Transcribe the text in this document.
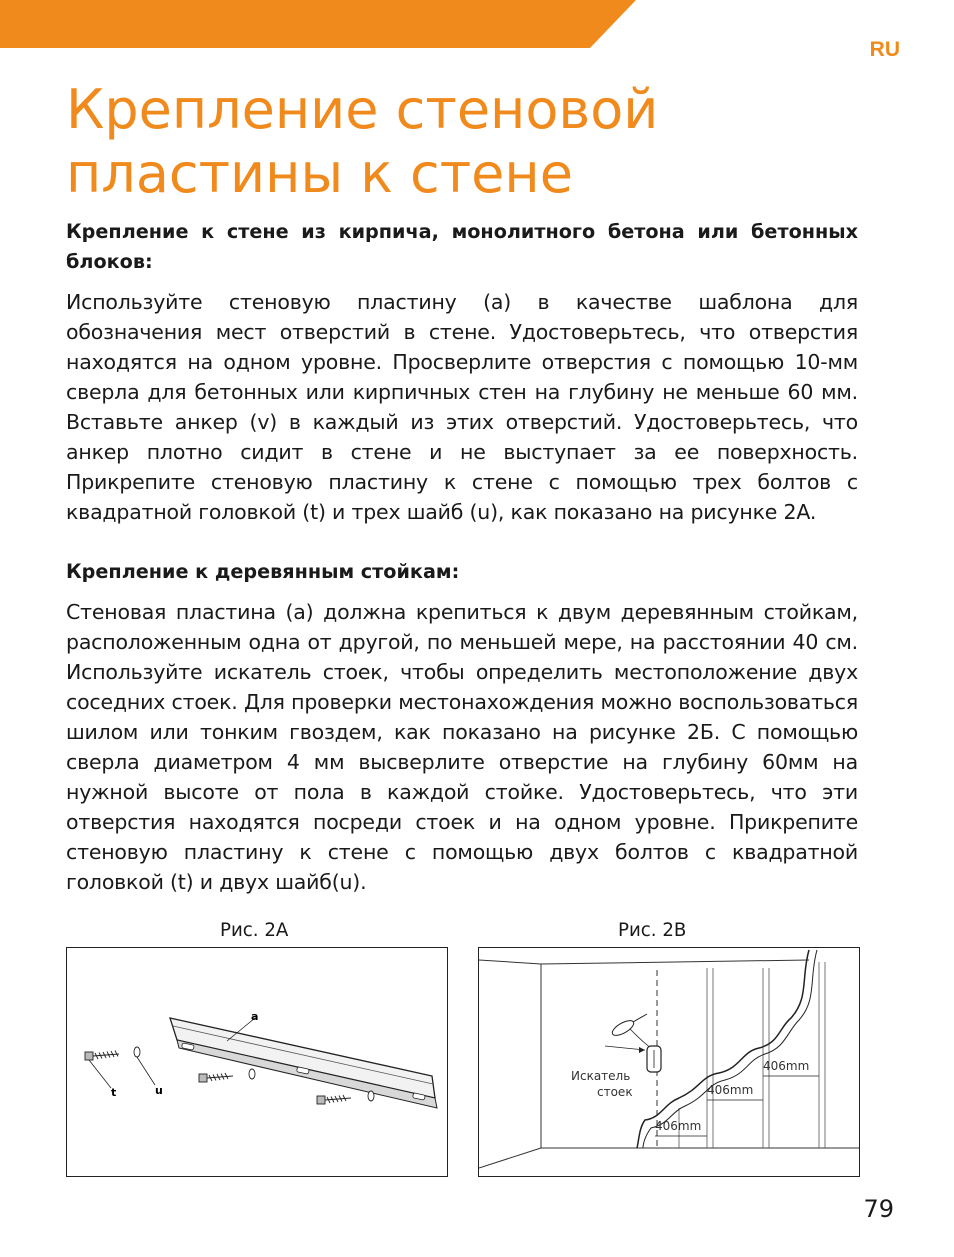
RU
Крепление стеновой
пластины к стене

Крепление к стене из кирпича, монолитного бетона или бетонных блоков:

Используйте стеновую пластину (a) в качестве шаблона для обозначения мест отверстий в стене. Удостоверьтесь, что отверстия находятся на одном уровне. Просверлите отверстия с помощью 10-мм сверла для бетонных или кирпичных стен на глубину не меньше 60 мм. Вставьте анкер (v) в каждый из этих отверстий. Удостоверьтесь, что анкер плотно сидит в стене и не выступает за ее поверхность. Прикрепите стеновую пластину к стене с помощью трех болтов с квадратной головкой (t) и трех шайб (u), как показано на рисунке 2A.

Крепление к деревянным стойкам:

Стеновая пластина (a) должна крепиться к двум деревянным стойкам, расположенным одна от другой, по меньшей мере, на расстоянии 40 см. Используйте искатель стоек, чтобы определить местоположение двух соседних стоек. Для проверки местонахождения можно воспользоваться шилом или тонким гвоздем, как показано на рисунке 2Б. С помощью сверла диаметром 4 мм высверлите отверстие на глубину 60мм на нужной высоте от пола в каждой стойке. Удостоверьтесь, что эти отверстия находятся посреди стоек и на одном уровне. Прикрепите стеновую пластину к стене с помощью двух болтов с квадратной головкой (t) и двух шайб(u).

Рис. 2A
a
t	u
Рис. 2B
Искатель
стоек
406mm
406mm
406mm
79
